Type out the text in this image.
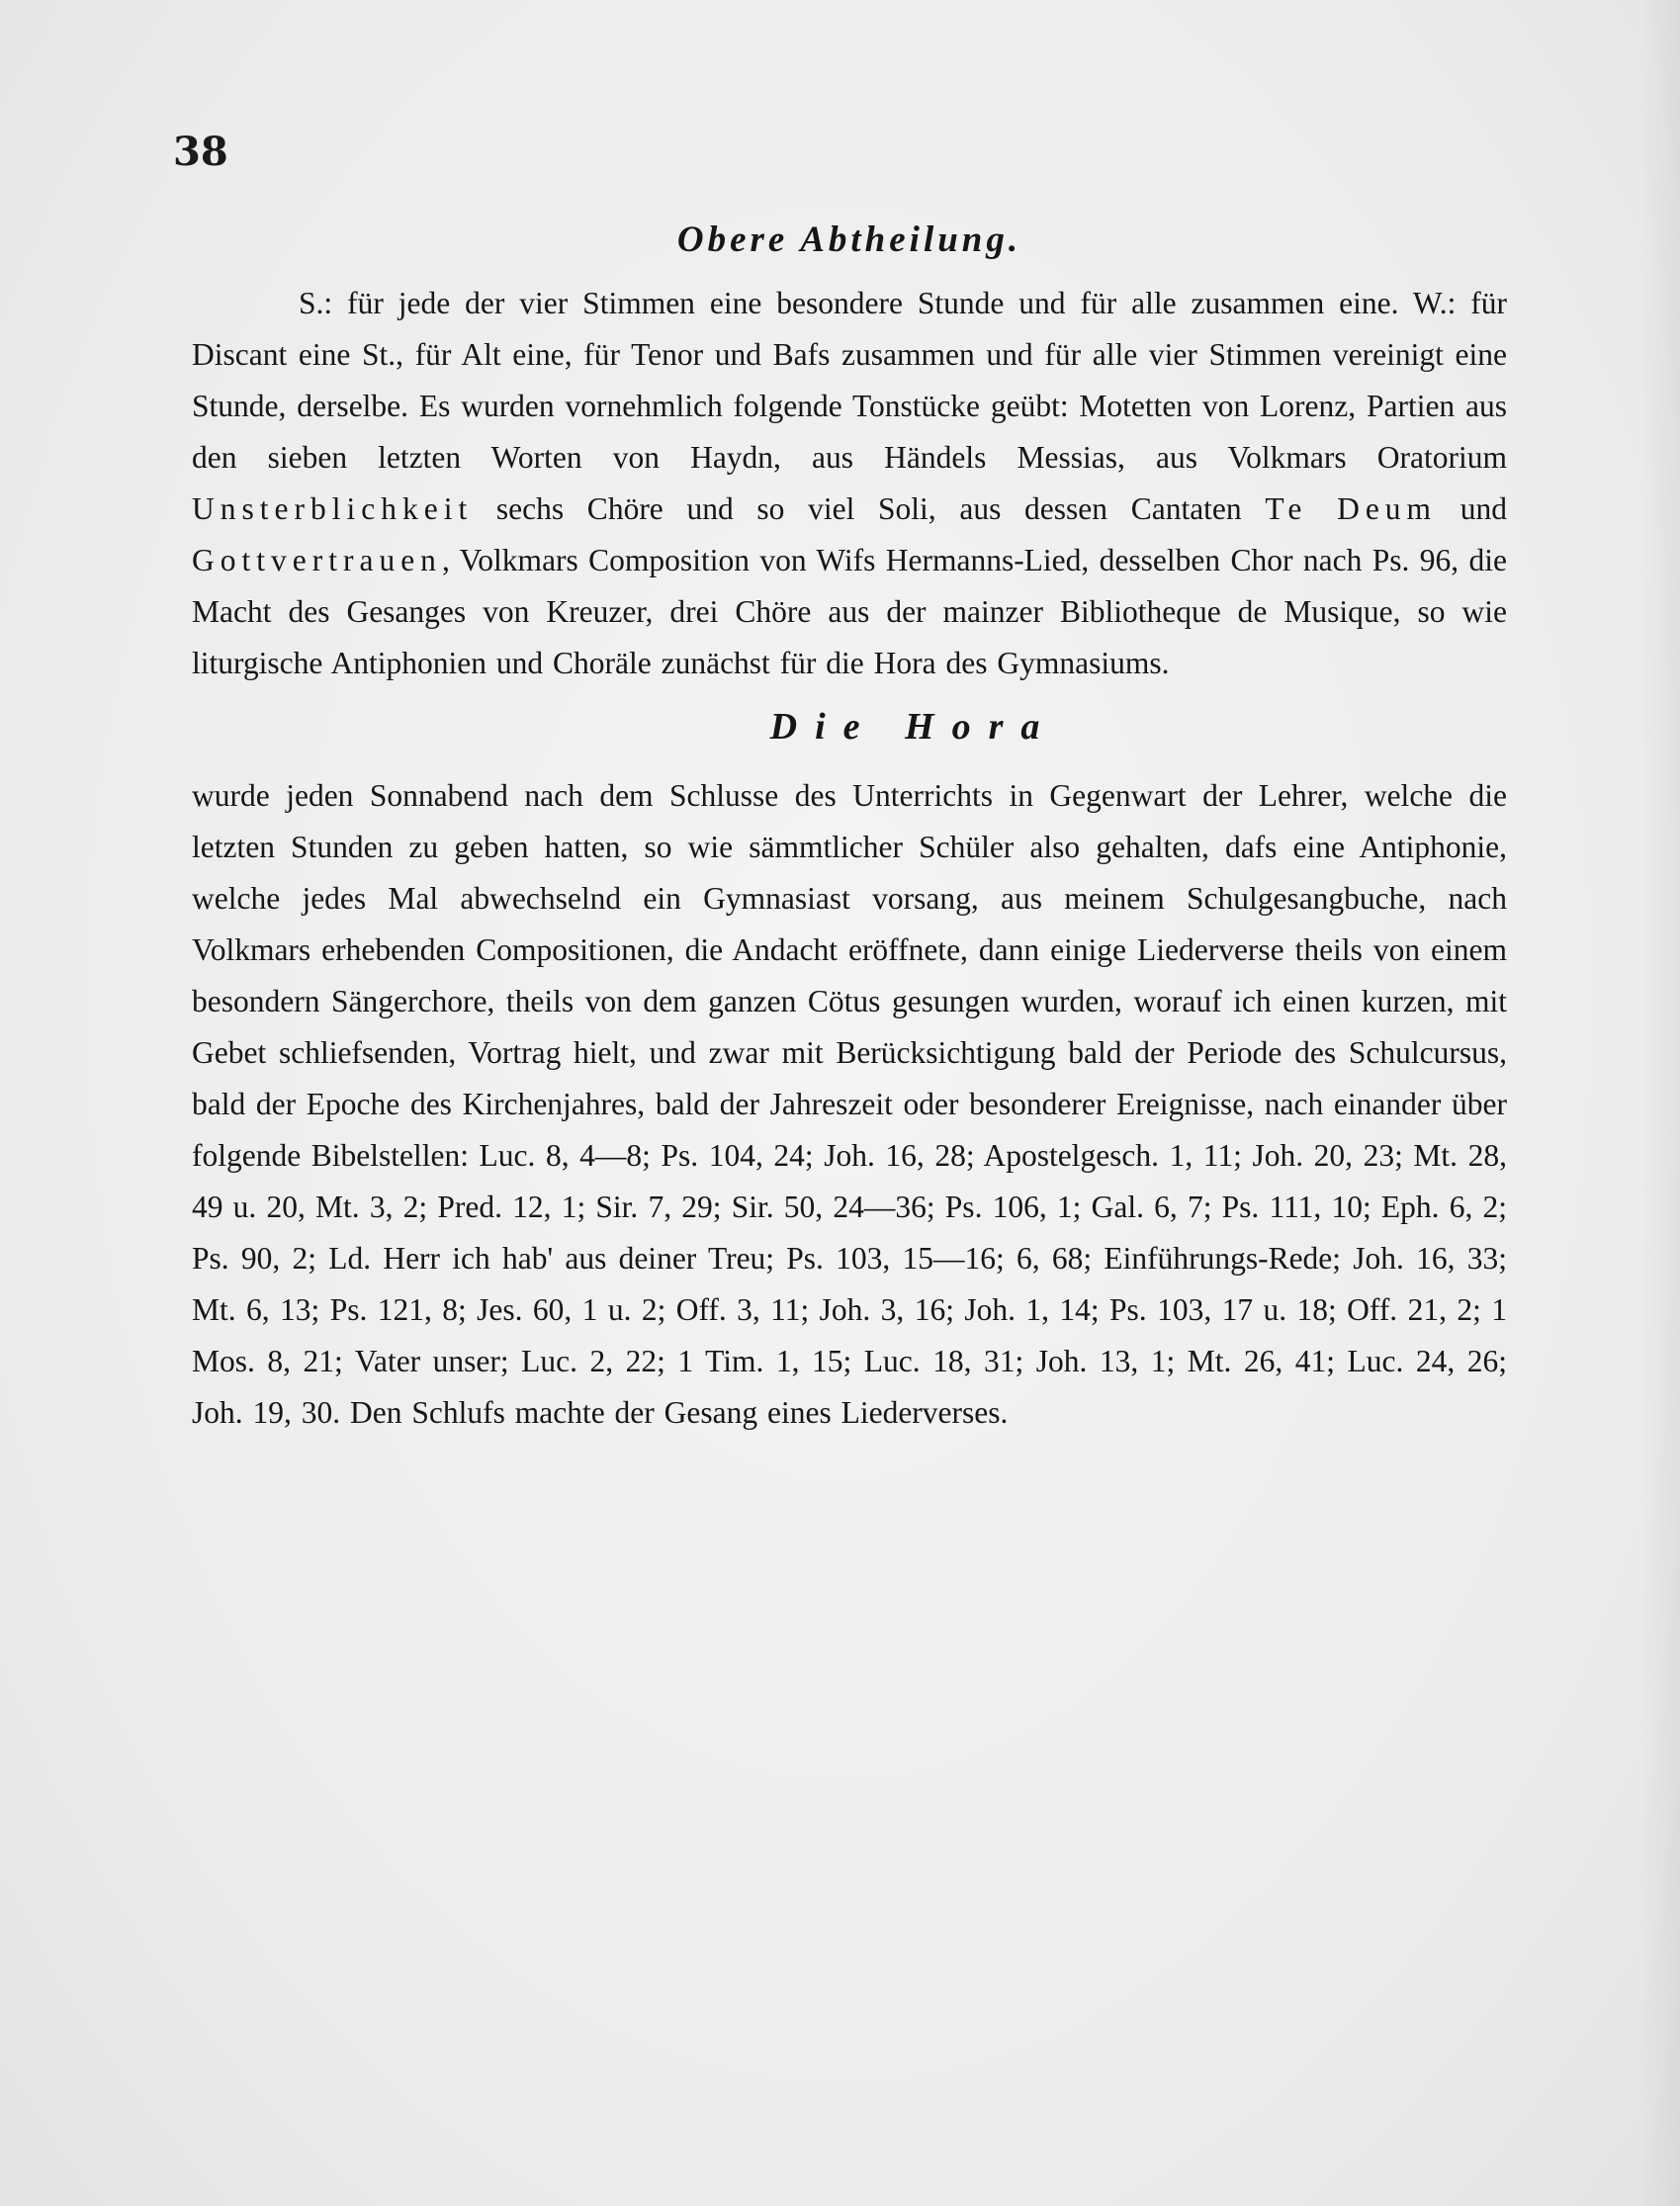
38

Obere Abtheilung.

S.: für jede der vier Stimmen eine besondere Stunde und für alle zusammen eine. W.: für Discant eine St., für Alt eine, für Tenor und Bafs zusammen und für alle vier Stimmen vereinigt eine Stunde, derselbe. Es wurden vornehmlich folgende Tonstücke geübt: Motetten von Lorenz, Partien aus den sieben letzten Worten von Haydn, aus Händels Messias, aus Volkmars Oratorium Unsterblichkeit sechs Chöre und so viel Soli, aus dessen Cantaten Te Deum und Gottvertrauen, Volkmars Composition von Wifs Hermanns-Lied, desselben Chor nach Ps. 96, die Macht des Gesanges von Kreuzer, drei Chöre aus der mainzer Bibliotheque de Musique, so wie liturgische Antiphonien und Choräle zunächst für die Hora des Gymnasiums.

Die Hora

wurde jeden Sonnabend nach dem Schlusse des Unterrichts in Gegenwart der Lehrer, welche die letzten Stunden zu geben hatten, so wie sämmtlicher Schüler also gehalten, dafs eine Antiphonie, welche jedes Mal abwechselnd ein Gymnasiast vorsang, aus meinem Schulgesangbuche, nach Volkmars erhebenden Compositionen, die Andacht eröffnete, dann einige Liederverse theils von einem besondern Sängerchore, theils von dem ganzen Cötus gesungen wurden, worauf ich einen kurzen, mit Gebet schliefsenden, Vortrag hielt, und zwar mit Berücksichtigung bald der Periode des Schulcursus, bald der Epoche des Kirchenjahres, bald der Jahreszeit oder besonderer Ereignisse, nach einander über folgende Bibelstellen: Luc. 8, 4—8; Ps. 104, 24; Joh. 16, 28; Apostelgesch. 1, 11; Joh. 20, 23; Mt. 28, 49 u. 20, Mt. 3, 2; Pred. 12, 1; Sir. 7, 29; Sir. 50, 24—36; Ps. 106, 1; Gal. 6, 7; Ps. 111, 10; Eph. 6, 2; Ps. 90, 2; Ld. Herr ich hab' aus deiner Treu; Ps. 103, 15—16; 6, 68; Einführungs-Rede; Joh. 16, 33; Mt. 6, 13; Ps. 121, 8; Jes. 60, 1 u. 2; Off. 3, 11; Joh. 3, 16; Joh. 1, 14; Ps. 103, 17 u. 18; Off. 21, 2; 1 Mos. 8, 21; Vater unser; Luc. 2, 22; 1 Tim. 1, 15; Luc. 18, 31; Joh. 13, 1; Mt. 26, 41; Luc. 24, 26; Joh. 19, 30. Den Schlufs machte der Gesang eines Liederverses.
